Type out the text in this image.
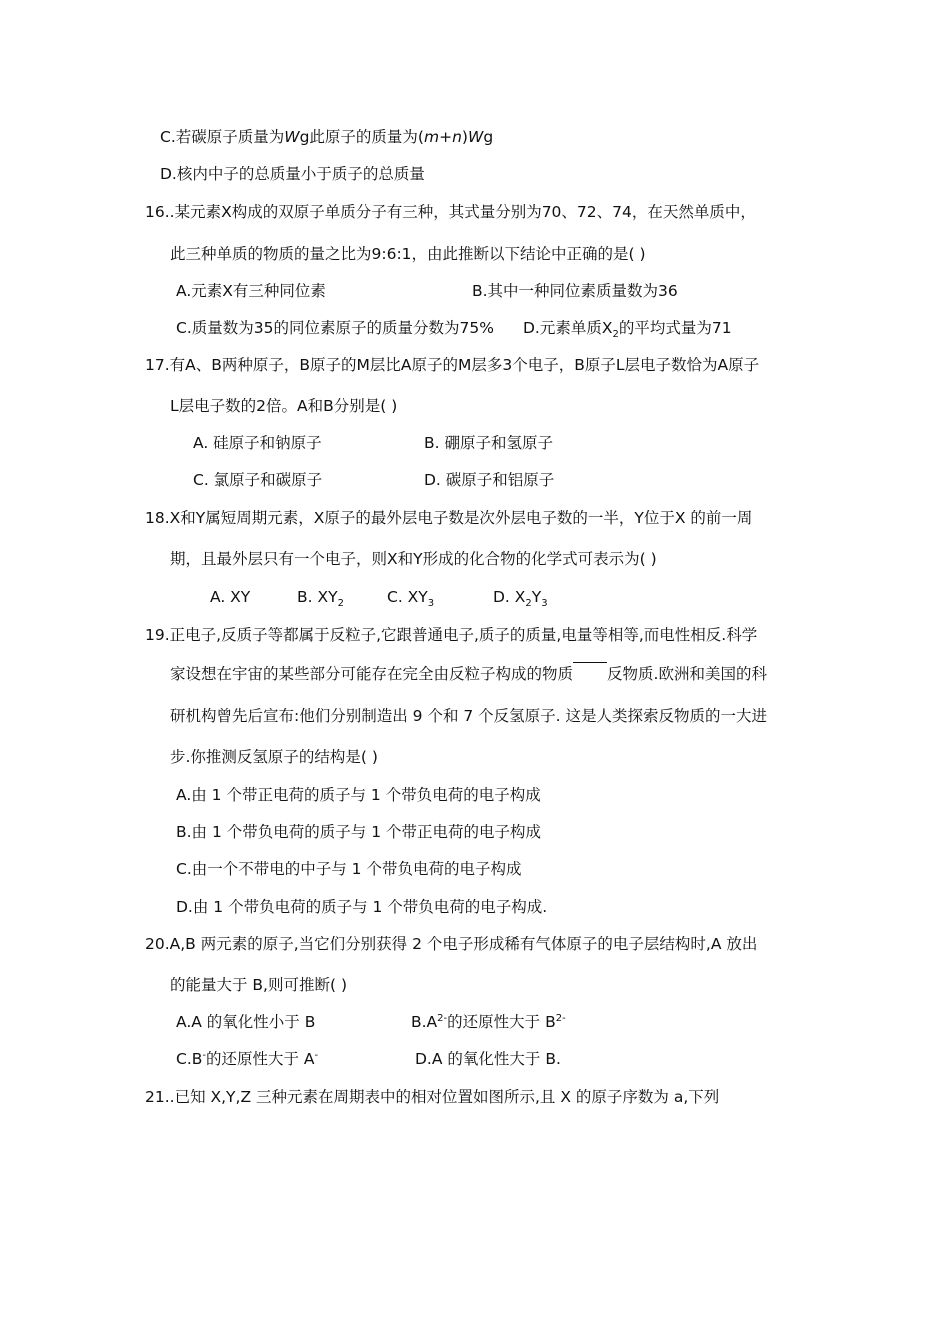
C.若碳原子质量为Wg此原子的质量为(m+n)Wg
D.核内中子的总质量小于质子的总质量
16..某元素X构成的双原子单质分子有三种，其式量分别为70、72、74，在天然单质中，
此三种单质的物质的量之比为9:6:1，由此推断以下结论中正确的是( )
A.元素X有三种同位素	B.其中一种同位素质量数为36
C.质量数为35的同位素原子的质量分数为75% D.元素单质$X_2$的平均式量为71
17.有A、B两种原子，B原子的M层比A原子的M层多3个电子，B原子L层电子数恰为A原子
L层电子数的2倍。A和B分别是( )
A. 硅原子和钠原子	B. 硼原子和氢原子
C. 氯原子和碳原子	D. 碳原子和铝原子
18.X和Y属短周期元素，X原子的最外层电子数是次外层电子数的一半，Y位于X 的前一周
期，且最外层只有一个电子，则X和Y形成的化合物的化学式可表示为( )
A. XY	B. $XY_2$	C. $XY_3$	D. $X_2Y_3$
19.正电子,反质子等都属于反粒子,它跟普通电子,质子的质量,电量等相等,而电性相反.科学
家设想在宇宙的某些部分可能存在完全由反粒子构成的物质 反物质.欧洲和美国的科
研机构曾先后宣布:他们分别制造出 9 个和 7 个反氢原子. 这是人类探索反物质的一大进
步.你推测反氢原子的结构是( )
A.由 1 个带正电荷的质子与 1 个带负电荷的电子构成
B.由 1 个带负电荷的质子与 1 个带正电荷的电子构成
C.由一个不带电的中子与 1 个带负电荷的电子构成
D.由 1 个带负电荷的质子与 1 个带负电荷的电子构成.
20.A,B 两元素的原子,当它们分别获得 2 个电子形成稀有气体原子的电子层结构时,A 放出
的能量大于 B,则可推断( )
A.A 的氧化性小于 B	$B.A^{2-}$的还原性大于 $B^{2-}$
C.B-的还原性大于 A-	D.A 的氧化性大于 B.
21..已知 X,Y,Z 三种元素在周期表中的相对位置如图所示,且 X 的原子序数为 a,下列
